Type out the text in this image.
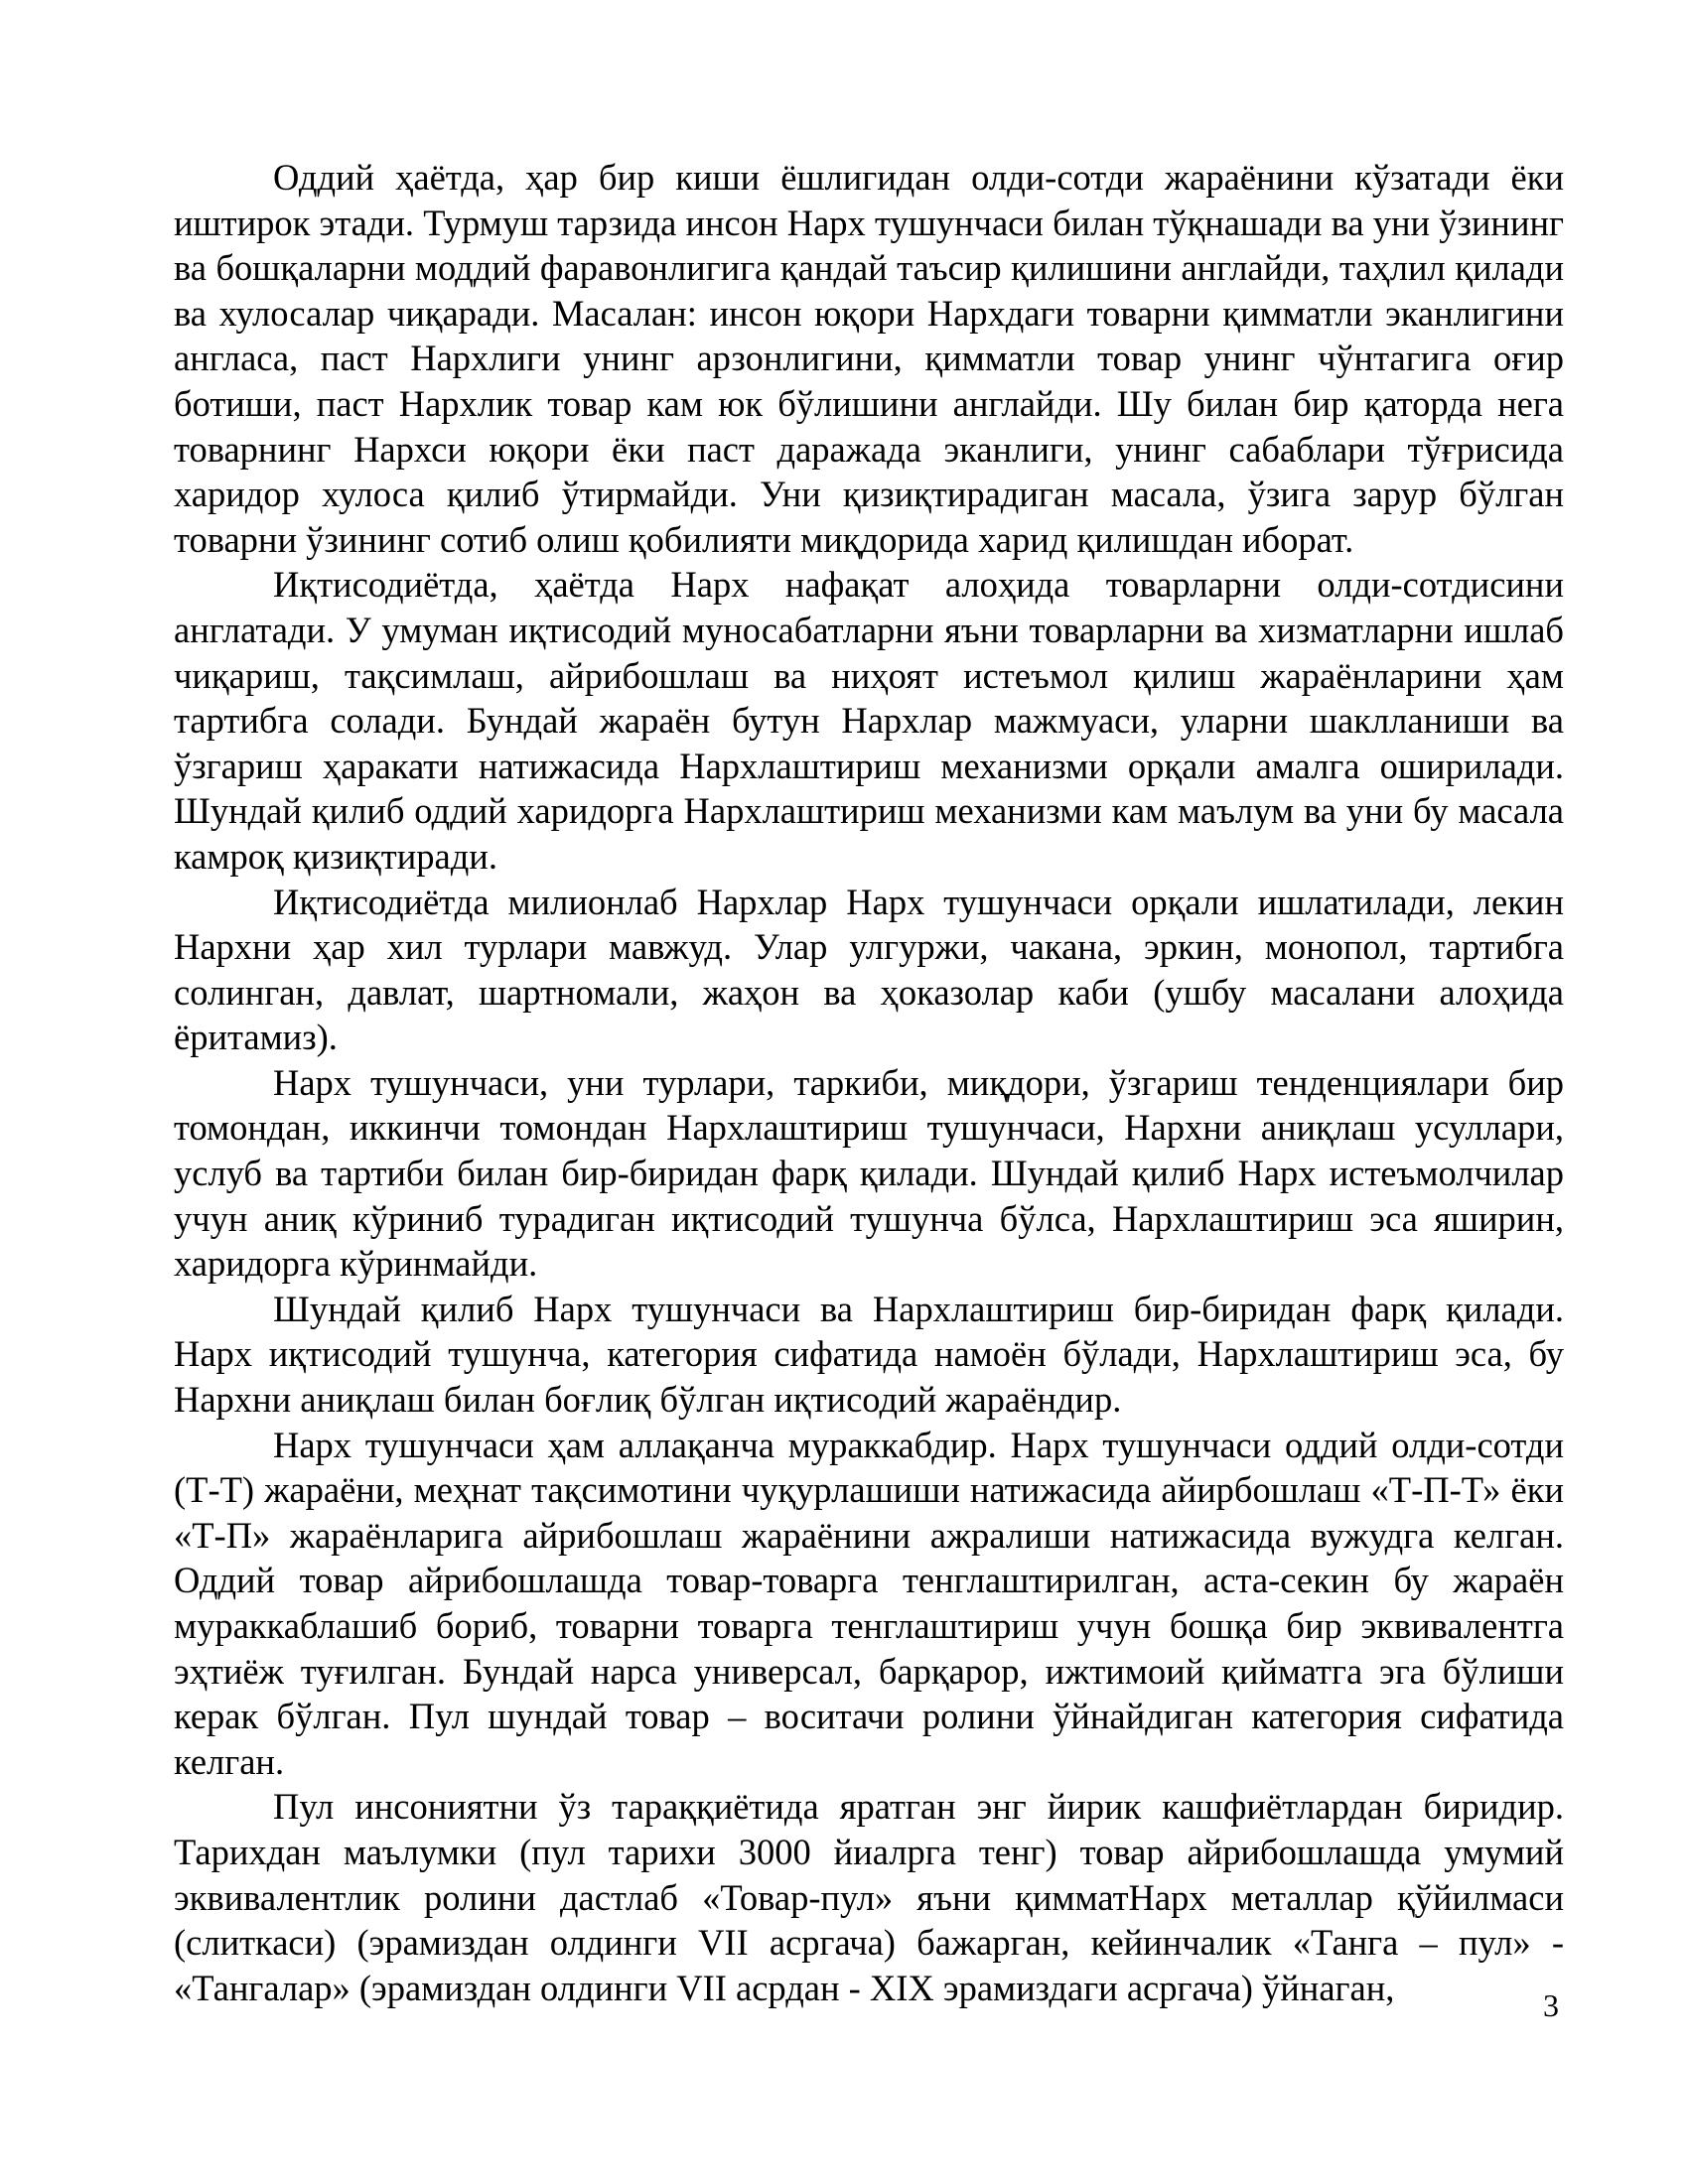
Оддий ҳаётда, ҳар бир киши ёшлигидан олди-сотди жараёнини кўзатади ёки иштирок этади. Турмуш тарзида инсон Нарх тушунчаси билан тўқнашади ва уни ўзининг ва бошқаларни моддий фаравонлигига қандай таъсир қилишини англайди, таҳлил қилади ва хулосалар чиқаради. Масалан: инсон юқори Нархдаги товарни қимматли эканлигини англаса, паст Нархлиги унинг арзонлигини, қимматли товар унинг чўнтагига оғир ботиши, паст Нархлик товар кам юк бўлишини англайди. Шу билан бир қаторда нега товарнинг Нархси юқори ёки паст даражада эканлиги, унинг сабаблари тўғрисида харидор хулоса қилиб ўтирмайди. Уни қизиқтирадиган масала, ўзига зарур бўлган товарни ўзининг сотиб олиш қобилияти миқдорида харид қилишдан иборат.

Иқтисодиётда, ҳаётда Нарх нафақат алоҳида товарларни олди-сотдисини англатади. У умуман иқтисодий муносабатларни яъни товарларни ва хизматларни ишлаб чиқариш, тақсимлаш, айрибошлаш ва ниҳоят истеъмол қилиш жараёнларини ҳам тартибга солади. Бундай жараён бутун Нархлар мажмуаси, уларни шаклланиши ва ўзгариш ҳаракати натижасида Нархлаштириш механизми орқали амалга оширилади. Шундай қилиб оддий харидорга Нархлаштириш механизми кам маълум ва уни бу масала камроқ қизиқтиради.

Иқтисодиётда милионлаб Нархлар Нарх тушунчаси орқали ишлатилади, лекин Нархни ҳар хил турлари мавжуд. Улар улгуржи, чакана, эркин, монопол, тартибга солинган, давлат, шартномали, жаҳон ва ҳоказолар каби (ушбу масалани алоҳида ёритамиз).

Нарх тушунчаси, уни турлари, таркиби, миқдори, ўзгариш тенденциялари бир томондан, иккинчи томондан Нархлаштириш тушунчаси, Нархни аниқлаш усуллари, услуб ва тартиби билан бир-биридан фарқ қилади. Шундай қилиб Нарх истеъмолчилар учун аниқ кўриниб турадиган иқтисодий тушунча бўлса, Нархлаштириш эса яширин, харидорга кўринмайди.

Шундай қилиб Нарх тушунчаси ва Нархлаштириш бир-биридан фарқ қилади. Нарх иқтисодий тушунча, категория сифатида намоён бўлади, Нархлаштириш эса, бу Нархни аниқлаш билан боғлиқ бўлган иқтисодий жараёндир.

Нарх тушунчаси ҳам аллақанча мураккабдир. Нарх тушунчаси оддий олди-сотди (Т-Т) жараёни, меҳнат тақсимотини чуқурлашиши натижасида айирбошлаш «Т-П-Т» ёки «Т-П» жараёнларига айрибошлаш жараёнини ажралиши натижасида вужудга келган. Оддий товар айрибошлашда товар-товарга тенглаштирилган, аста-секин бу жараён мураккаблашиб бориб, товарни товарга тенглаштириш учун бошқа бир эквивалентга эҳтиёж туғилган. Бундай нарса универсал, барқарор, ижтимоий қийматга эга бўлиши керак бўлган. Пул шундай товар – воситачи ролини ўйнайдиган категория сифатида келган.

Пул инсониятни ўз тараққиётида яратган энг йирик кашфиётлардан биридир. Тарихдан маълумки (пул тарихи 3000 йиалрга тенг) товар айрибошлашда умумий эквивалентлик ролини дастлаб «Товар-пул» яъни қимматНарх металлар қўйилмаси (слиткаси) (эрамиздан олдинги VII асргача) бажарган, кейинчалик «Танга – пул» - «Тангалар» (эрамиздан олдинги VII асрдан - XIX эрамиздаги асргача) ўйнаган,	3
